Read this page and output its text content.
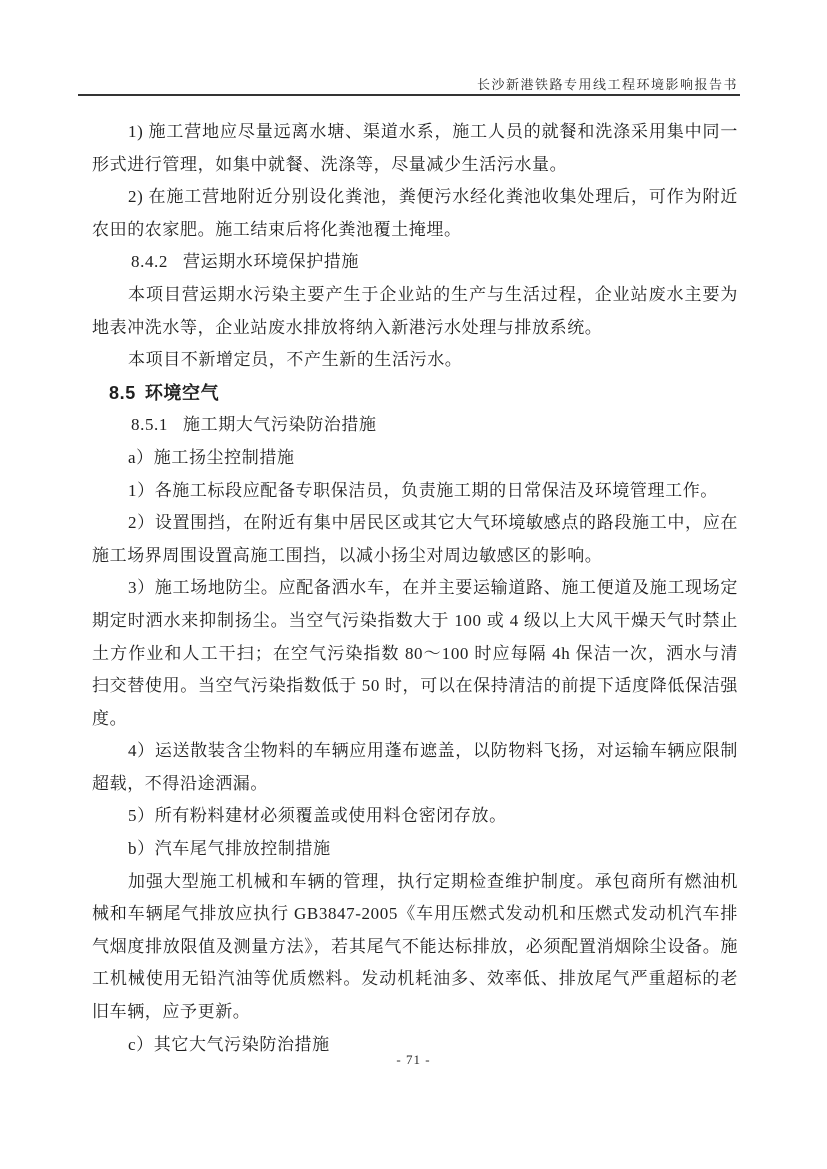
长沙新港铁路专用线工程环境影响报告书

1) 施工营地应尽量远离水塘、渠道水系，施工人员的就餐和洗涤采用集中同一形式进行管理，如集中就餐、洗涤等，尽量减少生活污水量。

2) 在施工营地附近分别设化粪池，粪便污水经化粪池收集处理后，可作为附近农田的农家肥。施工结束后将化粪池覆土掩埋。

8.4.2 营运期水环境保护措施

本项目营运期水污染主要产生于企业站的生产与生活过程，企业站废水主要为地表冲洗水等，企业站废水排放将纳入新港污水处理与排放系统。

本项目不新增定员，不产生新的生活污水。

8.5 环境空气

8.5.1 施工期大气污染防治措施

a）施工扬尘控制措施

1）各施工标段应配备专职保洁员，负责施工期的日常保洁及环境管理工作。

2）设置围挡，在附近有集中居民区或其它大气环境敏感点的路段施工中，应在施工场界周围设置高施工围挡，以减小扬尘对周边敏感区的影响。

3）施工场地防尘。应配备洒水车，在并主要运输道路、施工便道及施工现场定期定时洒水来抑制扬尘。当空气污染指数大于 100 或 4 级以上大风干燥天气时禁止土方作业和人工干扫；在空气污染指数 80～100 时应每隔 4h 保洁一次，洒水与清扫交替使用。当空气污染指数低于 50 时，可以在保持清洁的前提下适度降低保洁强度。

4）运送散装含尘物料的车辆应用蓬布遮盖，以防物料飞扬，对运输车辆应限制超载，不得沿途洒漏。

5）所有粉料建材必须覆盖或使用料仓密闭存放。

b）汽车尾气排放控制措施

加强大型施工机械和车辆的管理，执行定期检查维护制度。承包商所有燃油机械和车辆尾气排放应执行 GB3847-2005《车用压燃式发动机和压燃式发动机汽车排气烟度排放限值及测量方法》，若其尾气不能达标排放，必须配置消烟除尘设备。施工机械使用无铅汽油等优质燃料。发动机耗油多、效率低、排放尾气严重超标的老旧车辆，应予更新。

c）其它大气污染防治措施

- 71 -
